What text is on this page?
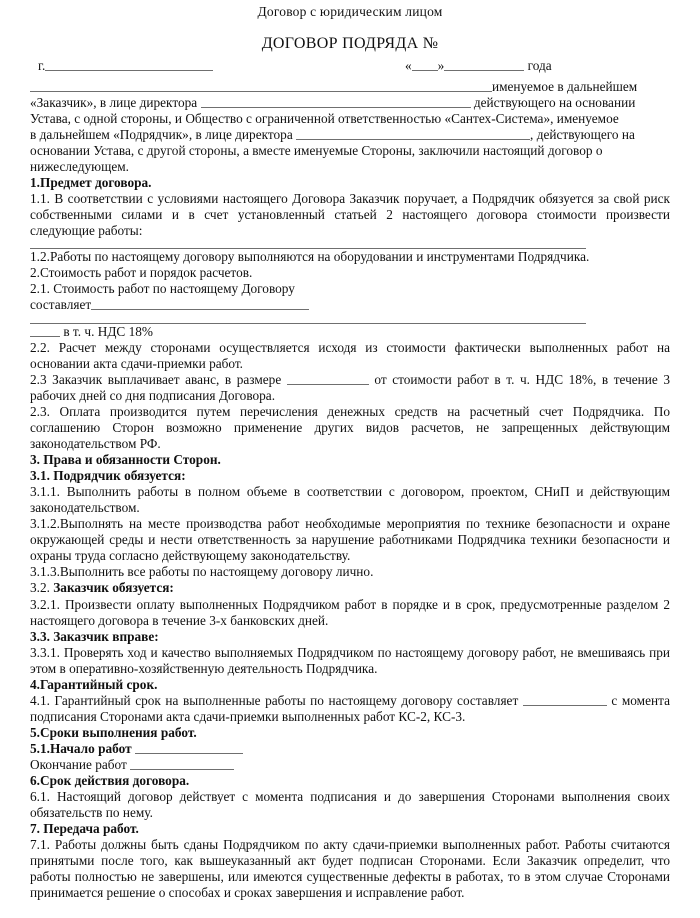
Договор с юридическим лицом
ДОГОВОР ПОДРЯДА №
г.	« »	года

именуемое в дальнейшем

«Заказчик», в лице директора	действующего на основании

Устава, с одной стороны, и Общество с ограниченной ответственностью «Сантех-Система», именуемое

в дальнейшем «Подрядчик», в лице директора	, действующего на

основании Устава, с другой стороны, а вместе именуемые Стороны, заключили настоящий договор о

нижеследующем.

1.Предмет договора.

1.1. В соответствии с условиями настоящего Договора Заказчик поручает, а Подрядчик обязуется за свой риск собственными силами и в счет установленный статьей 2 настоящего договора стоимости произвести следующие работы:

1.2.Работы по настоящему договору выполняются на оборудовании и инструментами Подрядчика.

2.Стоимость работ и порядок расчетов.

2.1. Стоимость работ по настоящему Договору

составляет

в т. ч. НДС 18%

2.2. Расчет между сторонами осуществляется исходя из стоимости фактически выполненных работ на основании акта сдачи-приемки работ.

2.3 Заказчик выплачивает аванс, в размере	от стоимости работ в т. ч. НДС 18%, в течение 3 рабочих дней со дня подписания Договора.

2.3. Оплата производится путем перечисления денежных средств на расчетный счет Подрядчика. По соглашению Сторон возможно применение других видов расчетов, не запрещенных действующим законодательством РФ.

3. Права и обязанности Сторон.

3.1. Подрядчик обязуется:

3.1.1. Выполнить работы в полном объеме в соответствии с договором, проектом, СНиП и действующим законодательством.

3.1.2.Выполнять на месте производства работ необходимые мероприятия по технике безопасности и охране окружающей среды и нести ответственность за нарушение работниками Подрядчика техники безопасности и охраны труда согласно действующему законодательству.

3.1.3.Выполнить все работы по настоящему договору лично.

3.2. Заказчик обязуется:

3.2.1. Произвести оплату выполненных Подрядчиком работ в порядке и в срок, предусмотренные разделом 2 настоящего договора в течение 3-х банковских дней.

3.3. Заказчик вправе:

3.3.1. Проверять ход и качество выполняемых Подрядчиком по настоящему договору работ, не вмешиваясь при этом в оперативно-хозяйственную деятельность Подрядчика.

4.Гарантийный срок.

4.1. Гарантийный срок на выполненные работы по настоящему договору составляет	с момента подписания Сторонами акта сдачи-приемки выполненных работ КС-2, КС-3.

5.Сроки выполнения работ.

5.1.Начало работ

Окончание работ

6.Срок действия договора.

6.1. Настоящий договор действует с момента подписания и до завершения Сторонами выполнения своих обязательств по нему.

7. Передача работ.

7.1. Работы должны быть сданы Подрядчиком по акту сдачи-приемки выполненных работ. Работы считаются принятыми после того, как вышеуказанный акт будет подписан Сторонами. Если Заказчик определит, что работы полностью не завершены, или имеются существенные дефекты в работах, то в этом случае Сторонами принимается решение о способах и сроках завершения и исправление работ.
